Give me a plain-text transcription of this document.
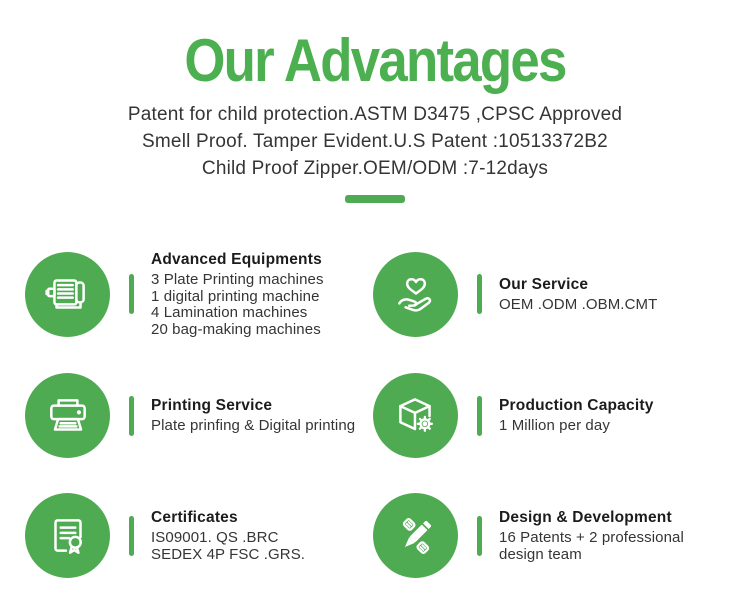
Our Advantages
Patent for child protection.ASTM D3475 ,CPSC Approved
Smell Proof. Tamper Evident.U.S Patent :10513372B2
Child Proof Zipper.OEM/ODM :7-12days
Advanced Equipments
3 Plate Printing machines
1 digital printing machine
4 Lamination machines
20 bag-making machines
Our Service
OEM .ODM .OBM.CMT
Printing Service
Plate prinfing & Digital printing
Production Capacity
1 Million per day
Certificates
IS09001. QS .BRC
SEDEX 4P FSC .GRS.
Design & Development
16 Patents + 2 professional
design team
